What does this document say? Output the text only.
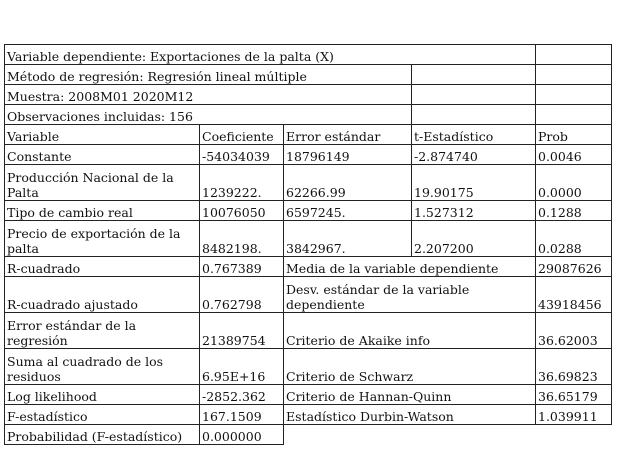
Variable dependiente: Exportaciones de la palta (X)				
Método de regresión: Regresión lineal múltiple				
Muestra: 2008M01 2020M12				
Observaciones incluidas: 156				
Variable	Coeficiente	Error estándar	t-Estadístico	Prob
Constante	-54034039	18796149	-2.874740	0.0046
Producción Nacional de la Palta	1239222.	62266.99	19.90175	0.0000
Tipo de cambio real	10076050	6597245.	1.527312	0.1288
Precio de exportación de la palta	8482198.	3842967.	2.207200	0.0288
R-cuadrado	0.767389	Media de la variable dependiente		29087626
R-cuadrado ajustado	0.762798	Desv. estándar de la variable dependiente		43918456
Error estándar de la regresión	21389754	Criterio de Akaike info		36.62003
Suma al cuadrado de los residuos	6.95E+16	Criterio de Schwarz		36.69823
Log likelihood	-2852.362	Criterio de Hannan-Quinn		36.65179
F-estadístico	167.1509	Estadístico Durbin-Watson		1.039911
Probabilidad (F-estadístico)	0.000000			
